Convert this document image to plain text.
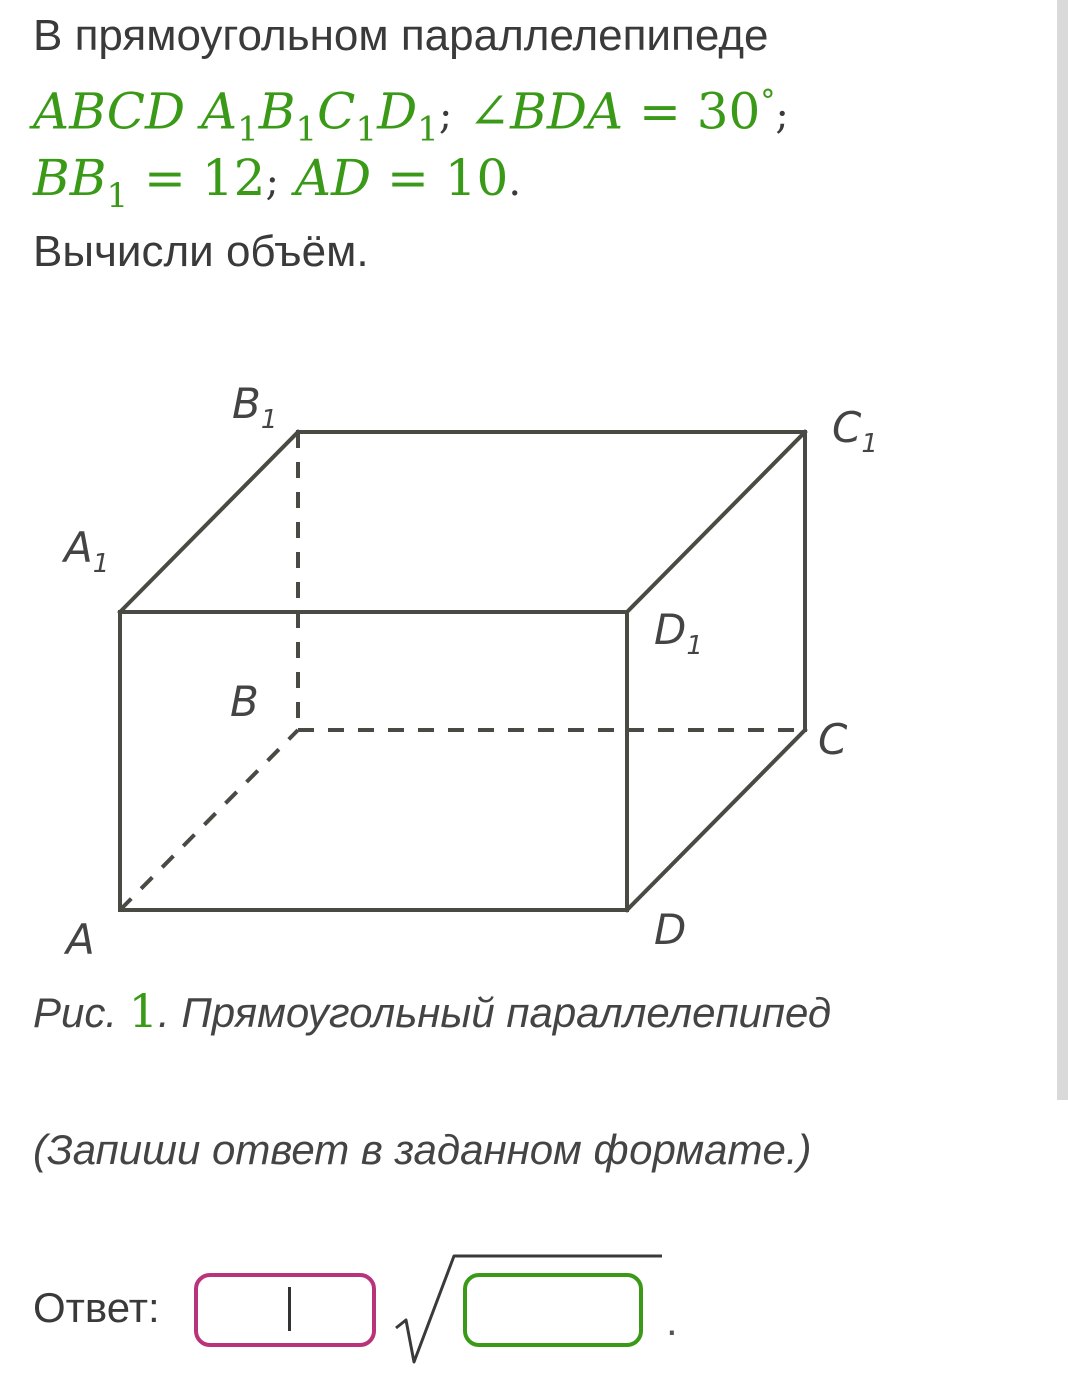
В прямоугольном параллелепипеде
ABCD $A_1B_1C_1D_1$; ∠BDA = 30°;
$BB_1 = 12$; AD = 10.
Вычисли объём.
$B_1$	$C_1$
$A_1$
$D_1$
B
C
A	D
Рис. 1. Прямоугольный параллелепипед
(Запиши ответ в заданном формате.)
Ответ:	.
